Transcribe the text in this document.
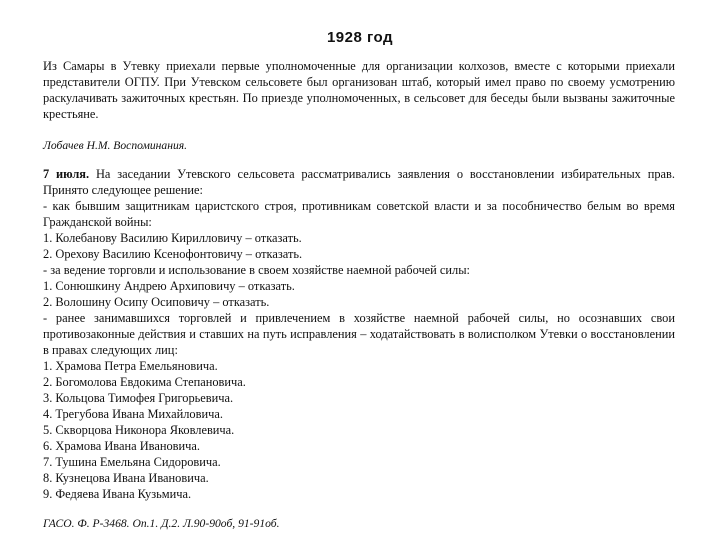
1928 год

Из Самары в Утевку приехали первые уполномоченные для организации колхозов, вместе с которыми приехали представители ОГПУ. При Утевском сельсовете был организован штаб, который имел право по своему усмотрению раскулачивать зажиточных крестьян. По приезде уполномоченных, в сельсовет для беседы были вызваны зажиточные крестьяне.

Лобачев Н.М. Воспоминания.

7 июля. На заседании Утевского сельсовета рассматривались заявления о восстановлении избирательных прав. Принято следующее решение:

- как бывшим защитникам царистского строя, противникам советской власти и за пособничество белым во время Гражданской войны:

1. Колебанову Василию Кирилловичу – отказать.

2. Орехову Василию Ксенофонтовичу – отказать.

- за ведение торговли и использование в своем хозяйстве наемной рабочей силы:

1. Сонюшкину Андрею Архиповичу – отказать.

2. Волошину Осипу Осиповичу – отказать.

- ранее занимавшихся торговлей и привлечением в хозяйстве наемной рабочей силы, но осознавших свои противозаконные действия и ставших на путь исправления – ходатайствовать в волисполком Утевки о восстановлении в правах следующих лиц:

1. Храмова Петра Емельяновича.

2. Богомолова Евдокима Степановича.

3. Кольцова Тимофея Григорьевича.

4. Трегубова Ивана Михайловича.

5. Скворцова Никонора Яковлевича.

6. Храмова Ивана Ивановича.

7. Тушина Емельяна Сидоровича.

8. Кузнецова Ивана Ивановича.

9. Федяева Ивана Кузьмича.

ГАСО. Ф. Р-3468. Оп.1. Д.2. Л.90-90об, 91-91об.
